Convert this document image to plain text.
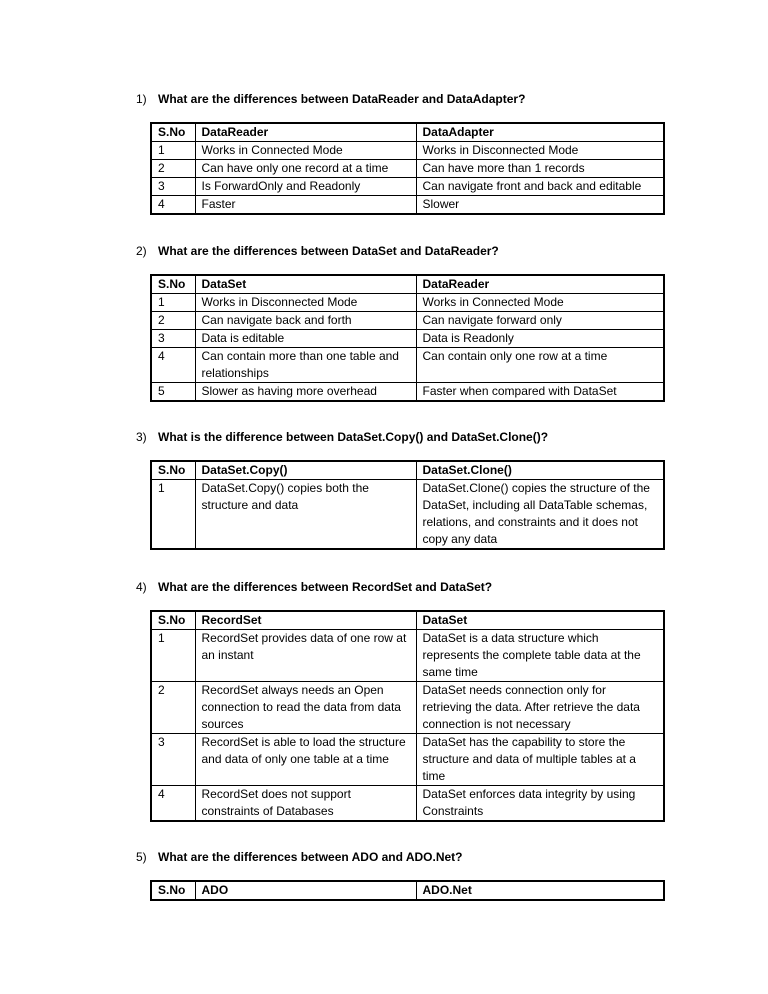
1) What are the differences between DataReader and DataAdapter?
S.No	DataReader	DataAdapter
1	Works in Connected Mode	Works in Disconnected Mode
2	Can have only one record at a time	Can have more than 1 records
3	Is ForwardOnly and Readonly	Can navigate front and back and editable
4	Faster	Slower
2) What are the differences between DataSet and DataReader?
S.No	DataSet	DataReader
1	Works in Disconnected Mode	Works in Connected Mode
2	Can navigate back and forth	Can navigate forward only
3	Data is editable	Data is Readonly
4	Can contain more than one table and relationships	Can contain only one row at a time
5	Slower as having more overhead	Faster when compared with DataSet
3) What is the difference between DataSet.Copy() and DataSet.Clone()?
S.No	DataSet.Copy()	DataSet.Clone()
1	DataSet.Copy() copies both the structure and data	DataSet.Clone() copies the structure of the DataSet, including all DataTable schemas, relations, and constraints and it does not copy any data
4) What are the differences between RecordSet and DataSet?
S.No	RecordSet	DataSet
1	RecordSet provides data of one row at an instant	DataSet is a data structure which represents the complete table data at the same time
2	RecordSet always needs an Open connection to read the data from data sources	DataSet needs connection only for retrieving the data. After retrieve the data connection is not necessary
3	RecordSet is able to load the structure and data of only one table at a time	DataSet has the capability to store the structure and data of multiple tables at a time
4	RecordSet does not support constraints of Databases	DataSet enforces data integrity by using Constraints
5) What are the differences between ADO and ADO.Net?
S.No	ADO	ADO.Net
